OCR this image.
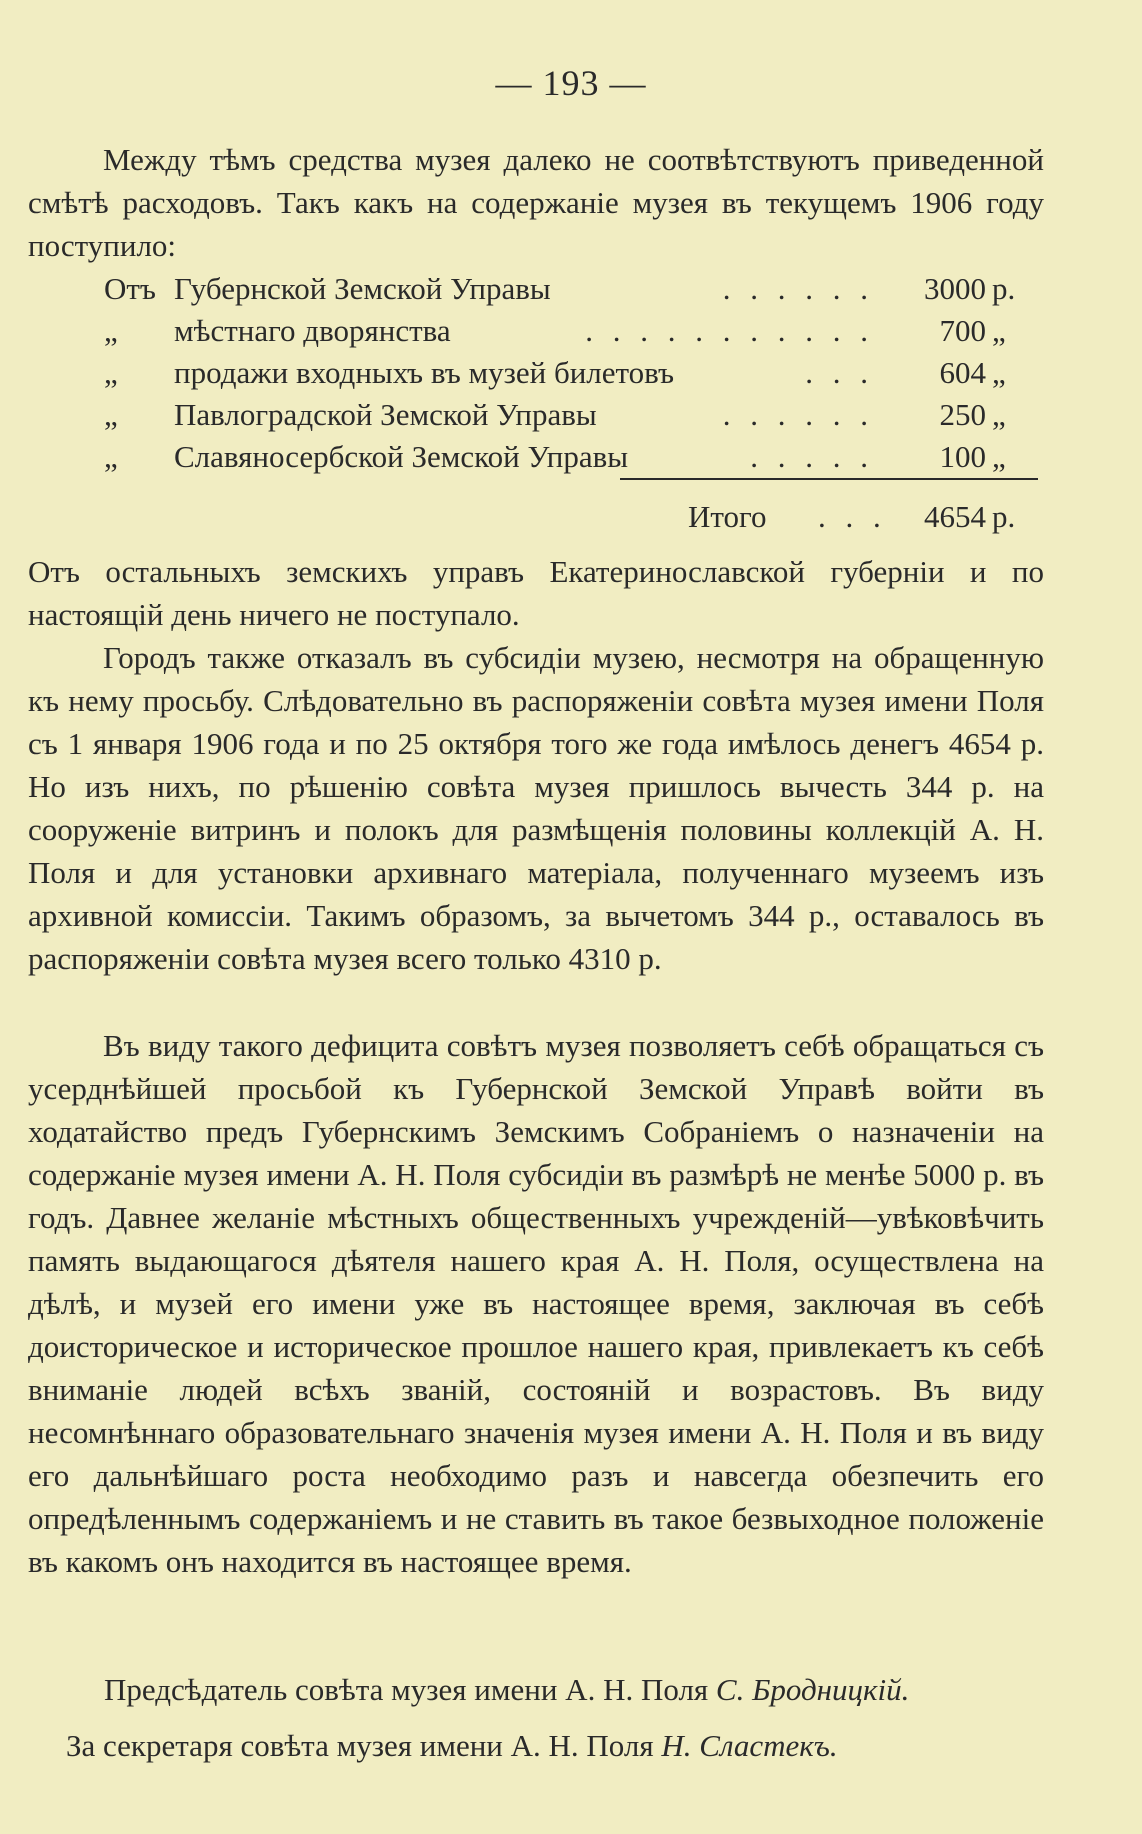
— 193 —

Между тѣмъ средства музея далеко не соотвѣтствуютъ приведенной смѣтѣ расходовъ. Такъ какъ на содержаніе музея въ текущемъ 1906 году поступило:

Отъ Губернской Земской Управы	. . . . . .	3000 р.
„	мѣстнаго дворянства	. . . . . . . . . . .	700 „
„	продажи входныхъ въ музей билетовъ	. . .	604 „
„	Павлоградской Земской Управы	. . . . . .	250 „
„	Славяносербской Земской Управы	. . . . .	100 „
Итого . . .	4654 р.

Отъ остальныхъ земскихъ управъ Екатеринославской губерніи и по настоящій день ничего не поступало.

Городъ также отказалъ въ субсидіи музею, несмотря на обращенную къ нему просьбу. Слѣдовательно въ распоряженіи совѣта музея имени Поля съ 1 января 1906 года и по 25 октября того же года имѣлось денегъ 4654 р. Но изъ нихъ, по рѣшенію совѣта музея пришлось вычесть 344 р. на сооруженіе витринъ и полокъ для размѣщенія половины коллекцій А. Н. Поля и для установки архивнаго матеріала, полученнаго музеемъ изъ архивной комиссіи. Такимъ образомъ, за вычетомъ 344 р., оставалось въ распоряженіи совѣта музея всего только 4310 р.

Въ виду такого дефицита совѣтъ музея позволяетъ себѣ обращаться съ усерднѣйшей просьбой къ Губернской Земской Управѣ войти въ ходатайство предъ Губернскимъ Земскимъ Собраніемъ о назначеніи на содержаніе музея имени А. Н. Поля субсидіи въ размѣрѣ не менѣе 5000 р. въ годъ. Давнее желаніе мѣстныхъ общественныхъ учрежденій—увѣковѣчить память выдающагося дѣятеля нашего края А. Н. Поля, осуществлена на дѣлѣ, и музей его имени уже въ настоящее время, заключая въ себѣ доисторическое и историческое прошлое нашего края, привлекаетъ къ себѣ вниманіе людей всѣхъ званій, состояній и возрастовъ. Въ виду несомнѣннаго образовательнаго значенія музея имени А. Н. Поля и въ виду его дальнѣйшаго роста необходимо разъ и навсегда обезпечить его опредѣленнымъ содержаніемъ и не ставить въ такое безвыходное положеніе въ какомъ онъ находится въ настоящее время.

Предсѣдатель совѣта музея имени А. Н. Поля С. Бродницкій.
За секретаря совѣта музея имени А. Н. Поля Н. Сластекъ.
